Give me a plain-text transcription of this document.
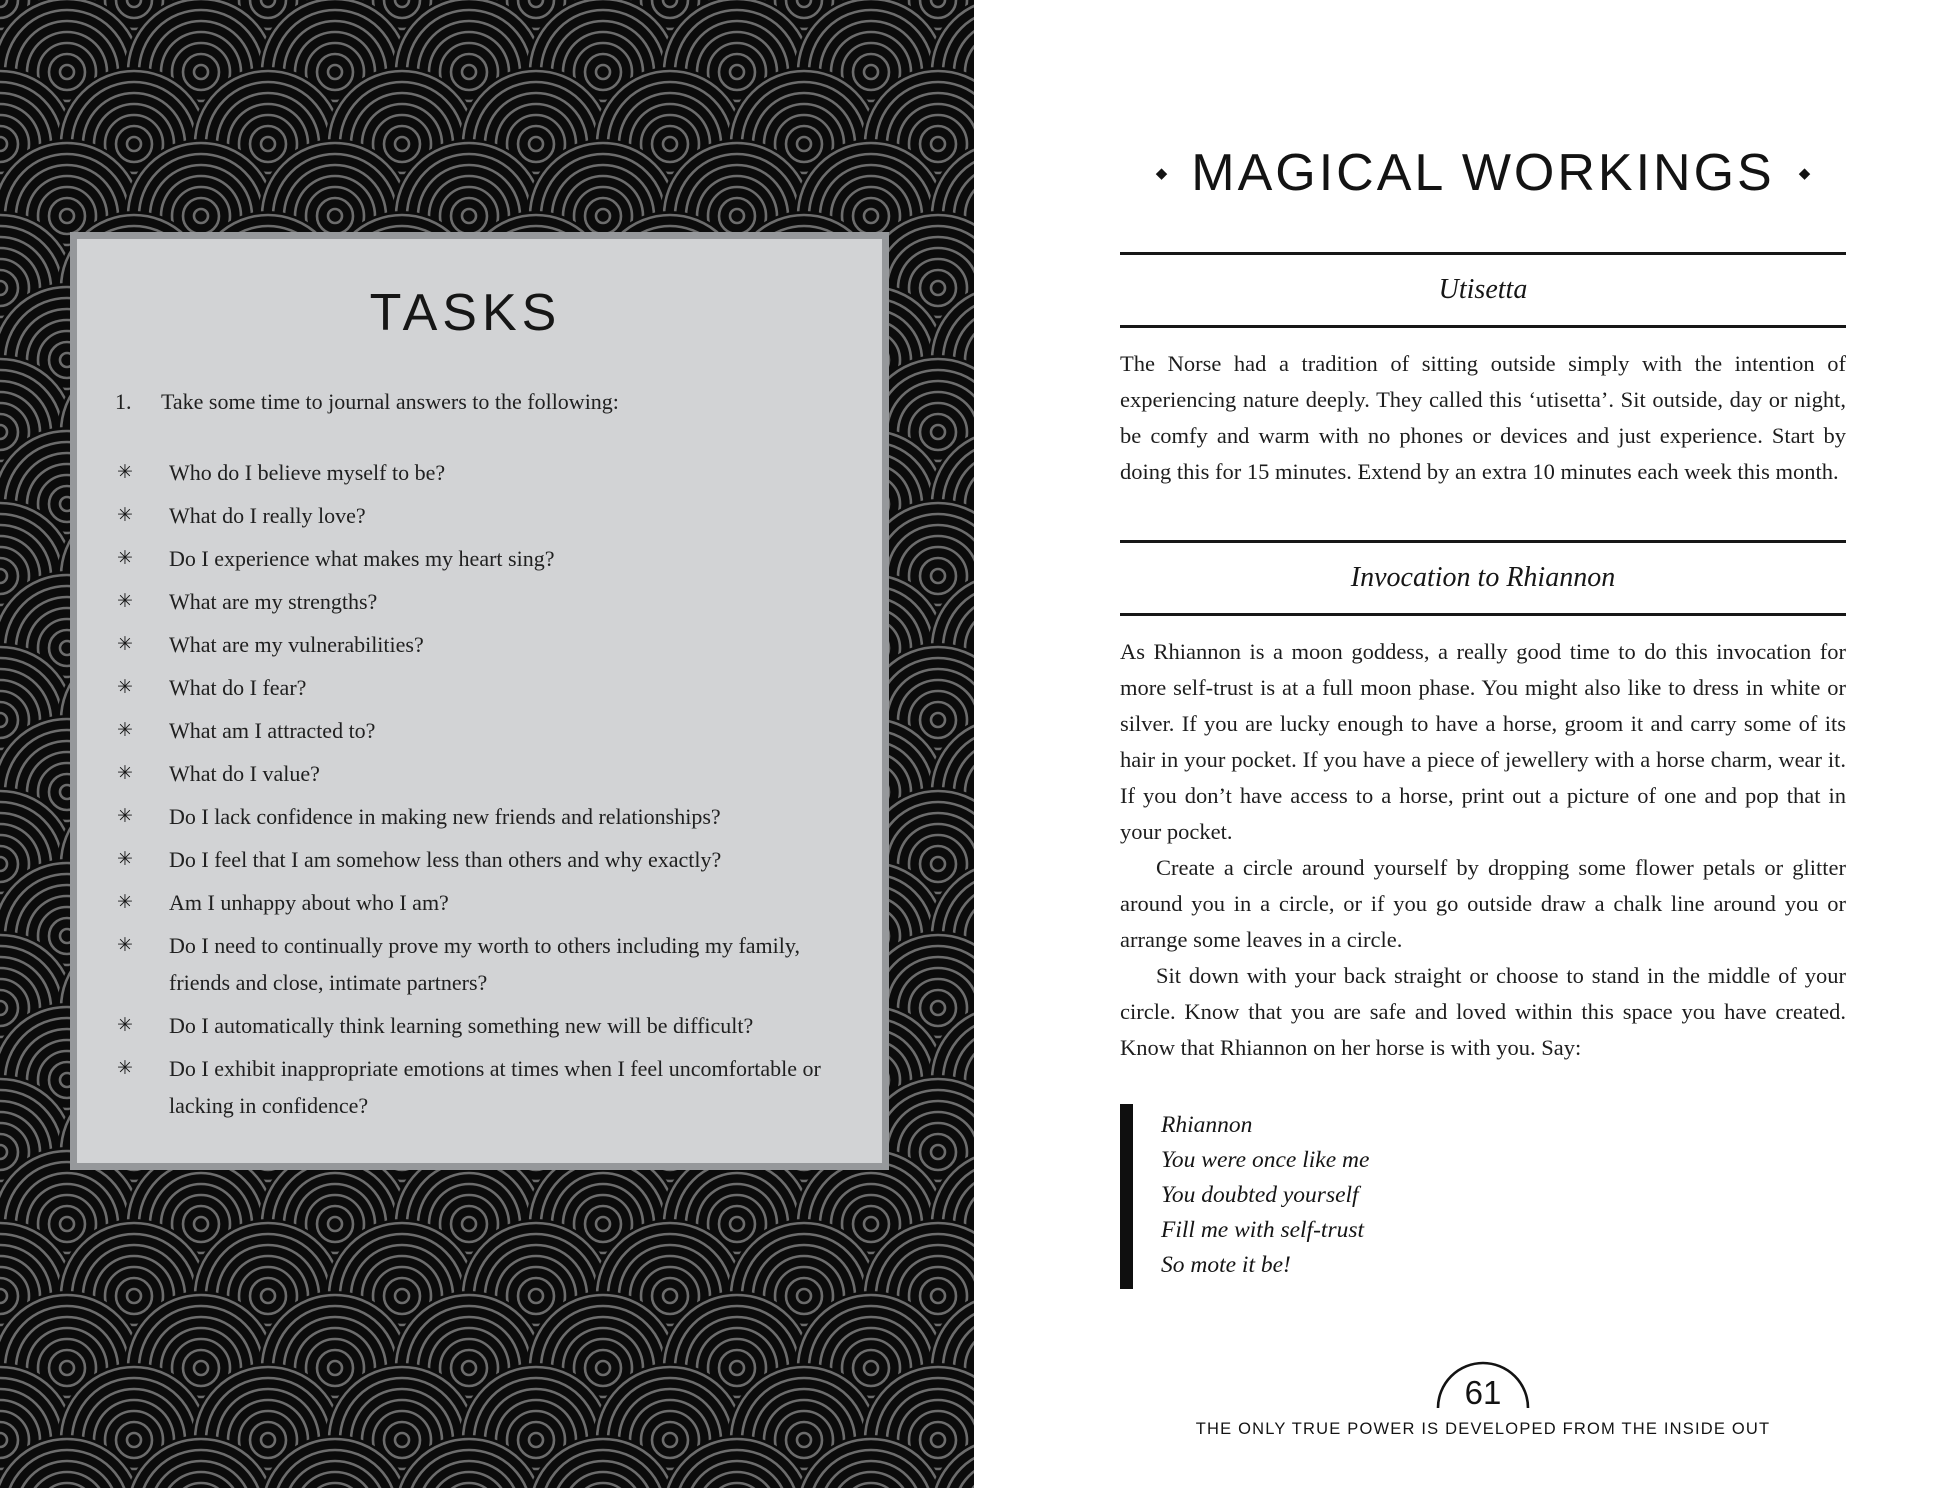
TASKS
1.	Take some time to journal answers to the following:
✳	Who do I believe myself to be?
✳	What do I really love?
✳	Do I experience what makes my heart sing?
✳	What are my strengths?
✳	What are my vulnerabilities?
✳	What do I fear?
✳	What am I attracted to?
✳	What do I value?
✳	Do I lack confidence in making new friends and relationships?
✳	Do I feel that I am somehow less than others and why exactly?
✳	Am I unhappy about who I am?
✳	Do I need to continually prove my worth to others including my family, friends and close, intimate partners?
✳	Do I automatically think learning something new will be difficult?
✳	Do I exhibit inappropriate emotions at times when I feel uncomfortable or lacking in confidence?
◆ MAGICAL WORKINGS ◆
Utisetta

The Norse had a tradition of sitting outside simply with the intention of experiencing nature deeply. They called this ‘utisetta’. Sit outside, day or night, be comfy and warm with no phones or devices and just experience. Start by doing this for 15 minutes. Extend by an extra 10 minutes each week this month.

Invocation to Rhiannon

As Rhiannon is a moon goddess, a really good time to do this invocation for more self-trust is at a full moon phase. You might also like to dress in white or silver. If you are lucky enough to have a horse, groom it and carry some of its hair in your pocket. If you have a piece of jewellery with a horse charm, wear it. If you don’t have access to a horse, print out a picture of one and pop that in your pocket.

Create a circle around yourself by dropping some flower petals or glitter around you in a circle, or if you go outside draw a chalk line around you or arrange some leaves in a circle.

Sit down with your back straight or choose to stand in the middle of your circle. Know that you are safe and loved within this space you have created. Know that Rhiannon on her horse is with you. Say:

Rhiannon
You were once like me
You doubted yourself
Fill me with self-trust
So mote it be!
61
THE ONLY TRUE POWER IS DEVELOPED FROM THE INSIDE OUT
